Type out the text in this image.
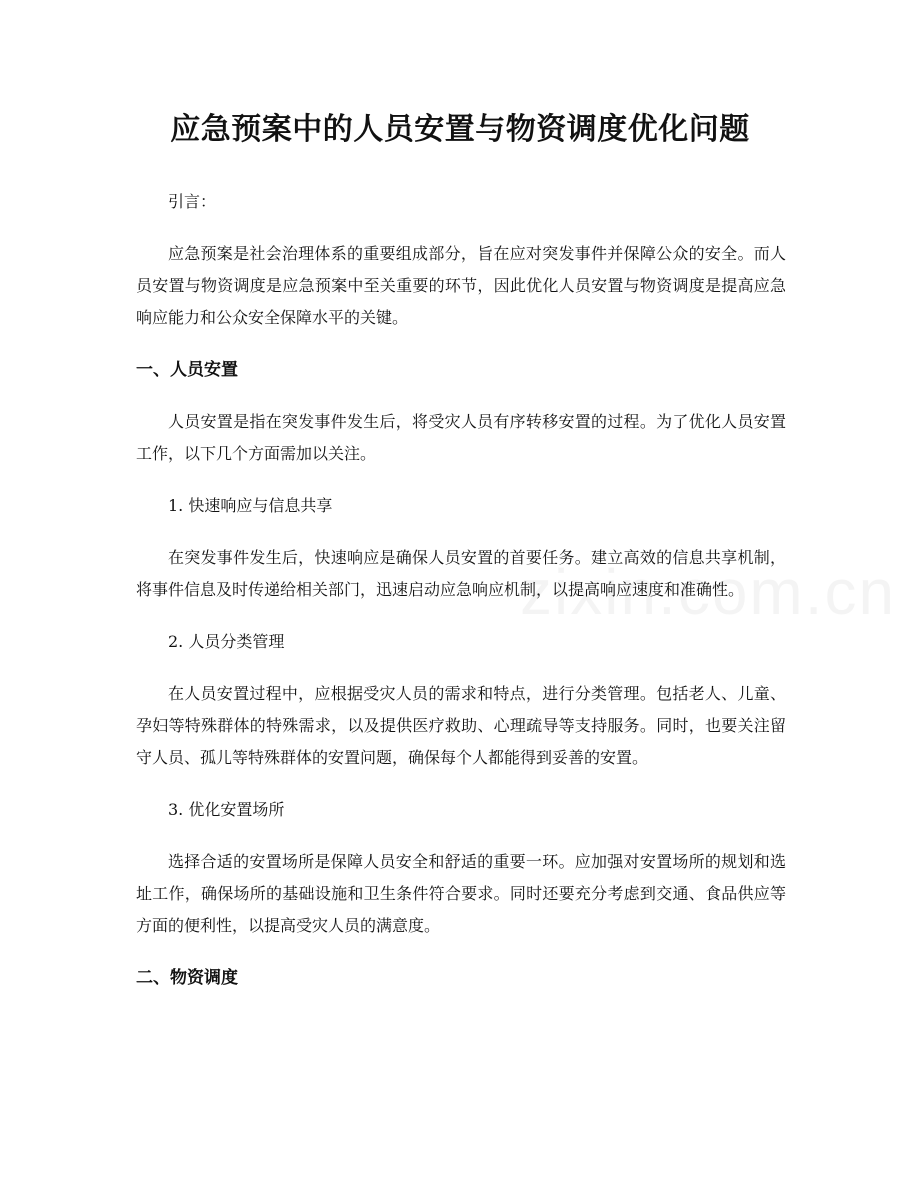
应急预案中的人员安置与物资调度优化问题

引言：

应急预案是社会治理体系的重要组成部分，旨在应对突发事件并保障公众的安全。而人员安置与物资调度是应急预案中至关重要的环节，因此优化人员安置与物资调度是提高应急响应能力和公众安全保障水平的关键。

一、人员安置

人员安置是指在突发事件发生后，将受灾人员有序转移安置的过程。为了优化人员安置工作，以下几个方面需加以关注。

1. 快速响应与信息共享

在突发事件发生后，快速响应是确保人员安置的首要任务。建立高效的信息共享机制，将事件信息及时传递给相关部门，迅速启动应急响应机制，以提高响应速度和准确性。

2. 人员分类管理

在人员安置过程中，应根据受灾人员的需求和特点，进行分类管理。包括老人、儿童、孕妇等特殊群体的特殊需求，以及提供医疗救助、心理疏导等支持服务。同时，也要关注留守人员、孤儿等特殊群体的安置问题，确保每个人都能得到妥善的安置。

3. 优化安置场所

选择合适的安置场所是保障人员安全和舒适的重要一环。应加强对安置场所的规划和选址工作，确保场所的基础设施和卫生条件符合要求。同时还要充分考虑到交通、食品供应等方面的便利性，以提高受灾人员的满意度。

二、物资调度
